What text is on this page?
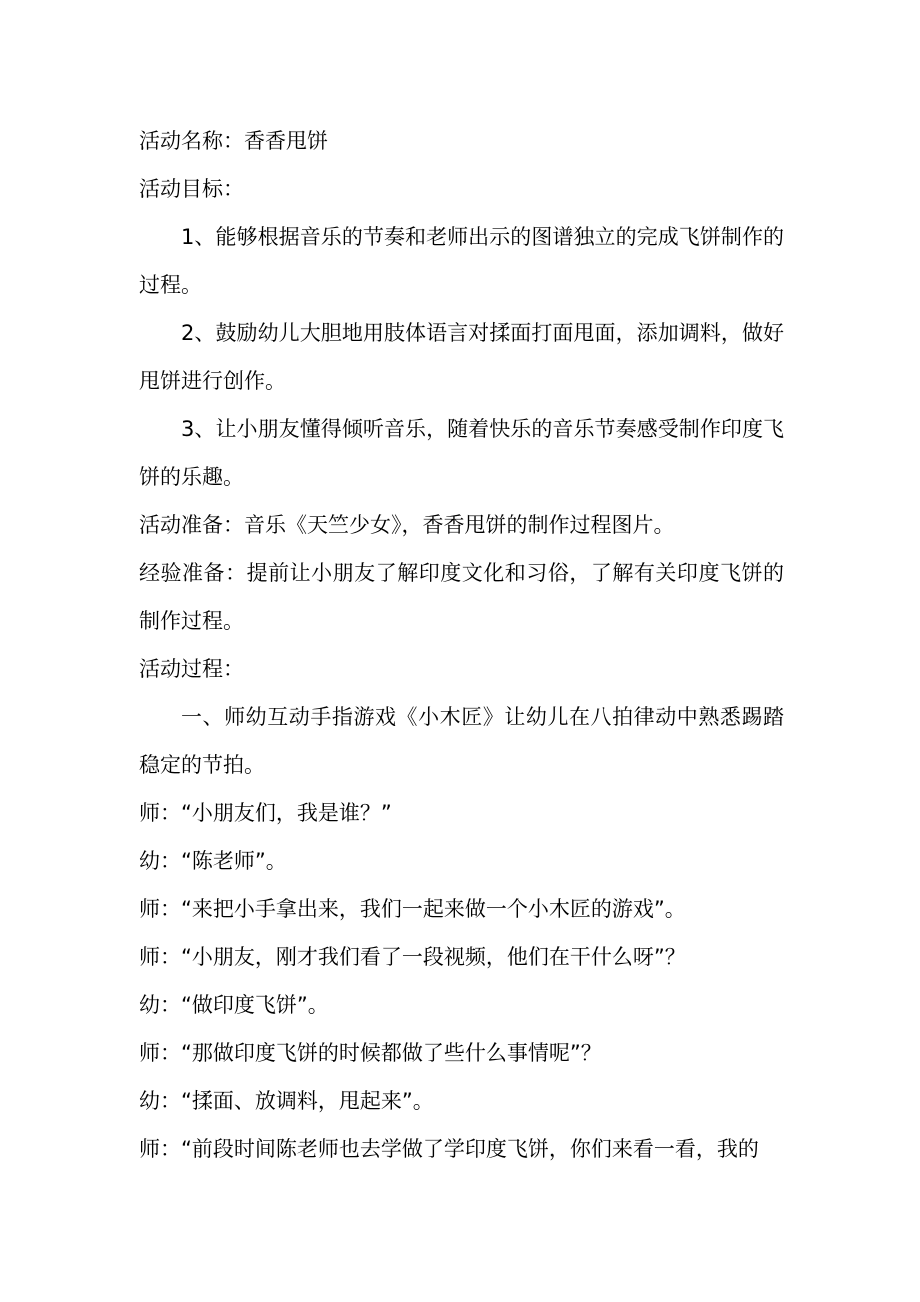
活动名称：香香甩饼

活动目标：

1、能够根据音乐的节奏和老师出示的图谱独立的完成飞饼制作的过程。

2、鼓励幼儿大胆地用肢体语言对揉面打面甩面，添加调料，做好甩饼进行创作。

3、让小朋友懂得倾听音乐，随着快乐的音乐节奏感受制作印度飞饼的乐趣。

活动准备：音乐《天竺少女》，香香甩饼的制作过程图片。

经验准备：提前让小朋友了解印度文化和习俗，了解有关印度飞饼的制作过程。

活动过程：

一、师幼互动手指游戏《小木匠》让幼儿在八拍律动中熟悉踢踏稳定的节拍。

师：“小朋友们，我是谁？”

幼：“陈老师”。

师：“来把小手拿出来，我们一起来做一个小木匠的游戏”。

师：“小朋友，刚才我们看了一段视频，他们在干什么呀”？

幼：“做印度飞饼”。

师：“那做印度飞饼的时候都做了些什么事情呢”？

幼：“揉面、放调料，甩起来”。

师：“前段时间陈老师也去学做了学印度飞饼，你们来看一看，我的
